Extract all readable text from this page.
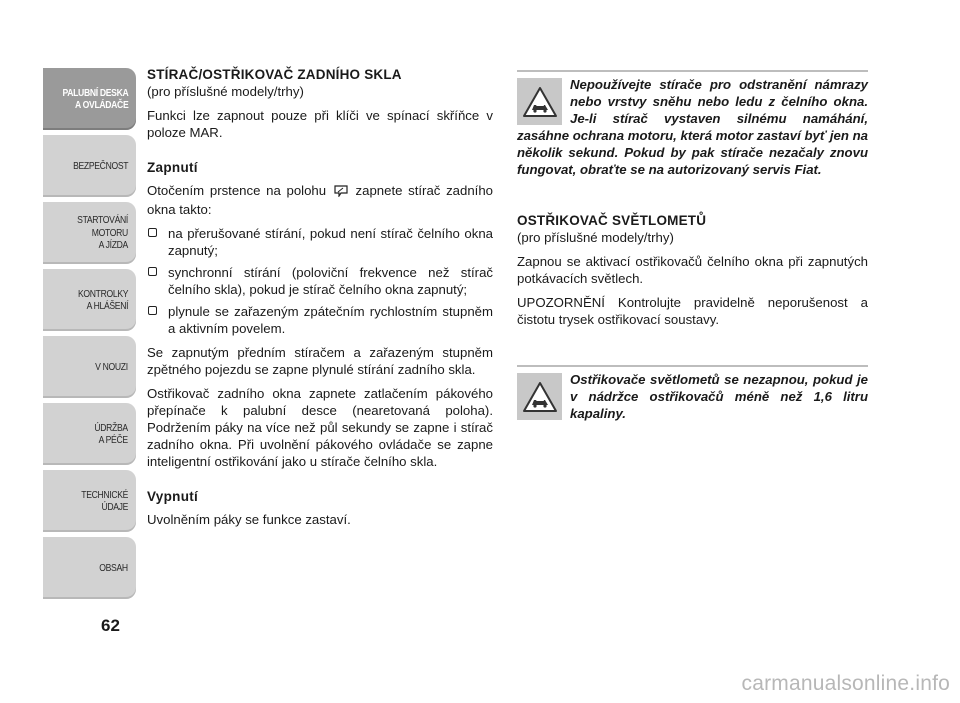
PALUBNÍ DESKA
A OVLÁDAČE
BEZPEČNOST
STARTOVÁNÍ
MOTORU
A JÍZDA
KONTROLKY
A HLÁŠENÍ
V NOUZI
ÚDRŽBA
A PÉČE
TECHNICKÉ
ÚDAJE
OBSAH
62
STÍRAČ/OSTŘIKOVAČ ZADNÍHO SKLA
(pro příslušné modely/trhy)

Funkci lze zapnout pouze při klíči ve spínací skříňce v poloze MAR.

Zapnutí

Otočením prstence na polohu zapnete stírač zadního okna takto:

na přerušované stírání, pokud není stírač čelního okna zapnutý;
synchronní stírání (poloviční frekvence než stírač čelního skla), pokud je stírač čelního okna zapnutý;
plynule se zařazeným zpátečním rychlostním stupněm a aktivním povelem.

Se zapnutým předním stíračem a zařazeným stupněm zpětného pojezdu se zapne plynulé stírání zadního skla.

Ostřikovač zadního okna zapnete zatlačením pákového přepínače k palubní desce (nearetovaná poloha). Podržením páky na více než půl sekundy se zapne i stírač zadního okna. Při uvolnění pákového ovládače se zapne inteligentní ostřikování jako u stírače čelního skla.

Vypnutí

Uvolněním páky se funkce zastaví.

Nepoužívejte stírače pro odstranění námrazy nebo vrstvy sněhu nebo ledu z čelního okna. Je-li stírač vystaven silnému namáhání, zasáhne ochrana motoru, která motor zastaví byť jen na několik sekund. Pokud by pak stírače nezačaly znovu fungovat, obraťte se na autorizovaný servis Fiat.
OSTŘIKOVAČ SVĚTLOMETŮ
(pro příslušné modely/trhy)

Zapnou se aktivací ostřikovačů čelního okna při zapnutých potkávacích světlech.

UPOZORNĚNÍ Kontrolujte pravidelně neporušenost a čistotu trysek ostřikovací soustavy.

Ostřikovače světlometů se nezapnou, pokud je v nádržce ostřikovačů méně než 1,6 litru kapaliny.
carmanualsonline.info
